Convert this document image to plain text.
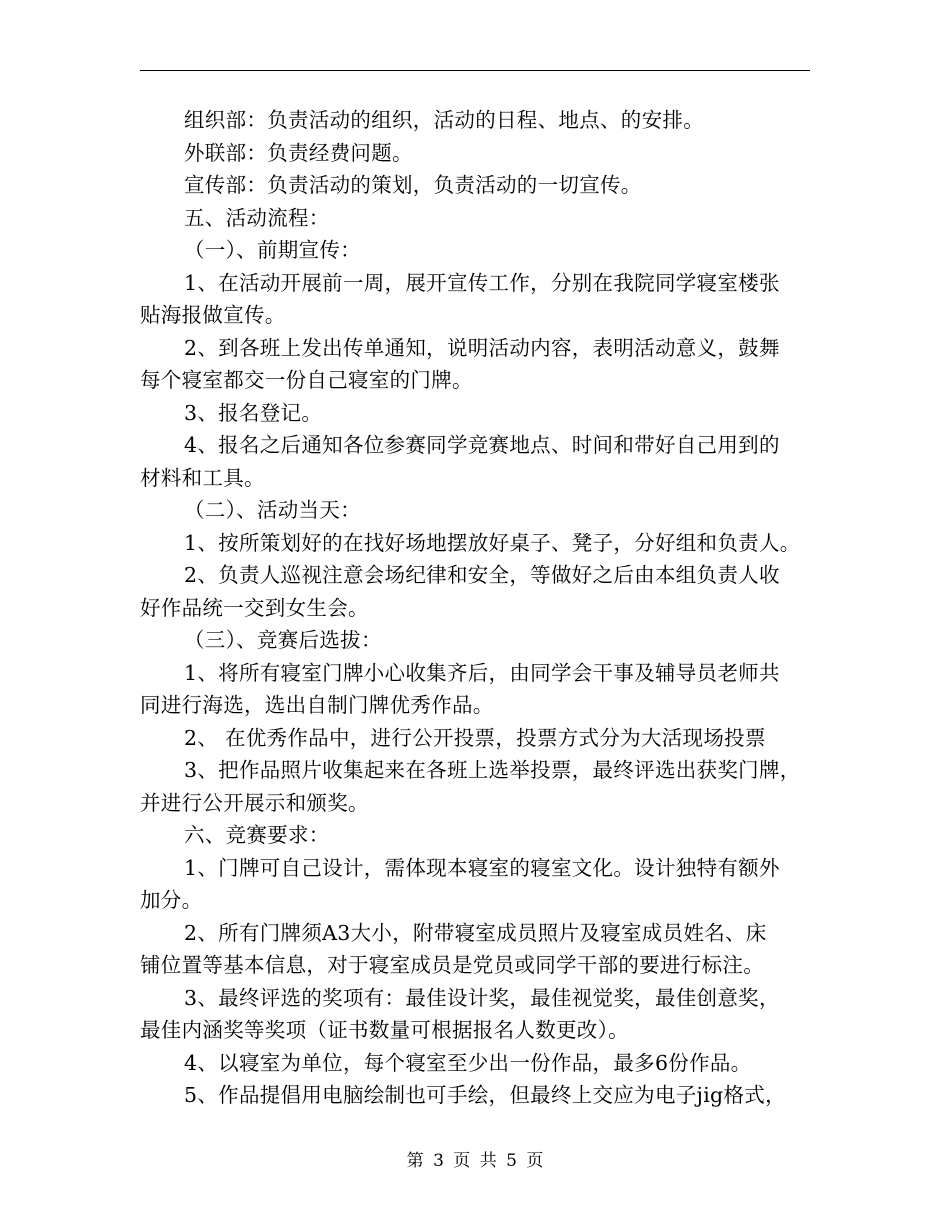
组织部：负责活动的组织，活动的日程、地点、的安排。
外联部：负责经费问题。
宣传部：负责活动的策划，负责活动的一切宣传。
五、活动流程：
（一）、前期宣传：
1、在活动开展前一周，展开宣传工作，分别在我院同学寝室楼张
贴海报做宣传。
2、到各班上发出传单通知，说明活动内容，表明活动意义，鼓舞
每个寝室都交一份自己寝室的门牌。
3、报名登记。
4、报名之后通知各位参赛同学竞赛地点、时间和带好自己用到的
材料和工具。
（二）、活动当天：
1、按所策划好的在找好场地摆放好桌子、凳子，分好组和负责人。
2、负责人巡视注意会场纪律和安全，等做好之后由本组负责人收
好作品统一交到女生会。
（三）、竞赛后选拔：
1、将所有寝室门牌小心收集齐后，由同学会干事及辅导员老师共
同进行海选，选出自制门牌优秀作品。
2、 在优秀作品中，进行公开投票，投票方式分为大活现场投票
3、把作品照片收集起来在各班上选举投票，最终评选出获奖门牌，
并进行公开展示和颁奖。
六、竞赛要求：
1、门牌可自己设计，需体现本寝室的寝室文化。设计独特有额外
加分。
2、所有门牌须A3大小，附带寝室成员照片及寝室成员姓名、床
铺位置等基本信息，对于寝室成员是党员或同学干部的要进行标注。
3、最终评选的奖项有：最佳设计奖，最佳视觉奖，最佳创意奖，
最佳内涵奖等奖项（证书数量可根据报名人数更改）。
4、以寝室为单位，每个寝室至少出一份作品，最多6份作品。
5、作品提倡用电脑绘制也可手绘，但最终上交应为电子jig格式，
第 3 页 共 5 页
